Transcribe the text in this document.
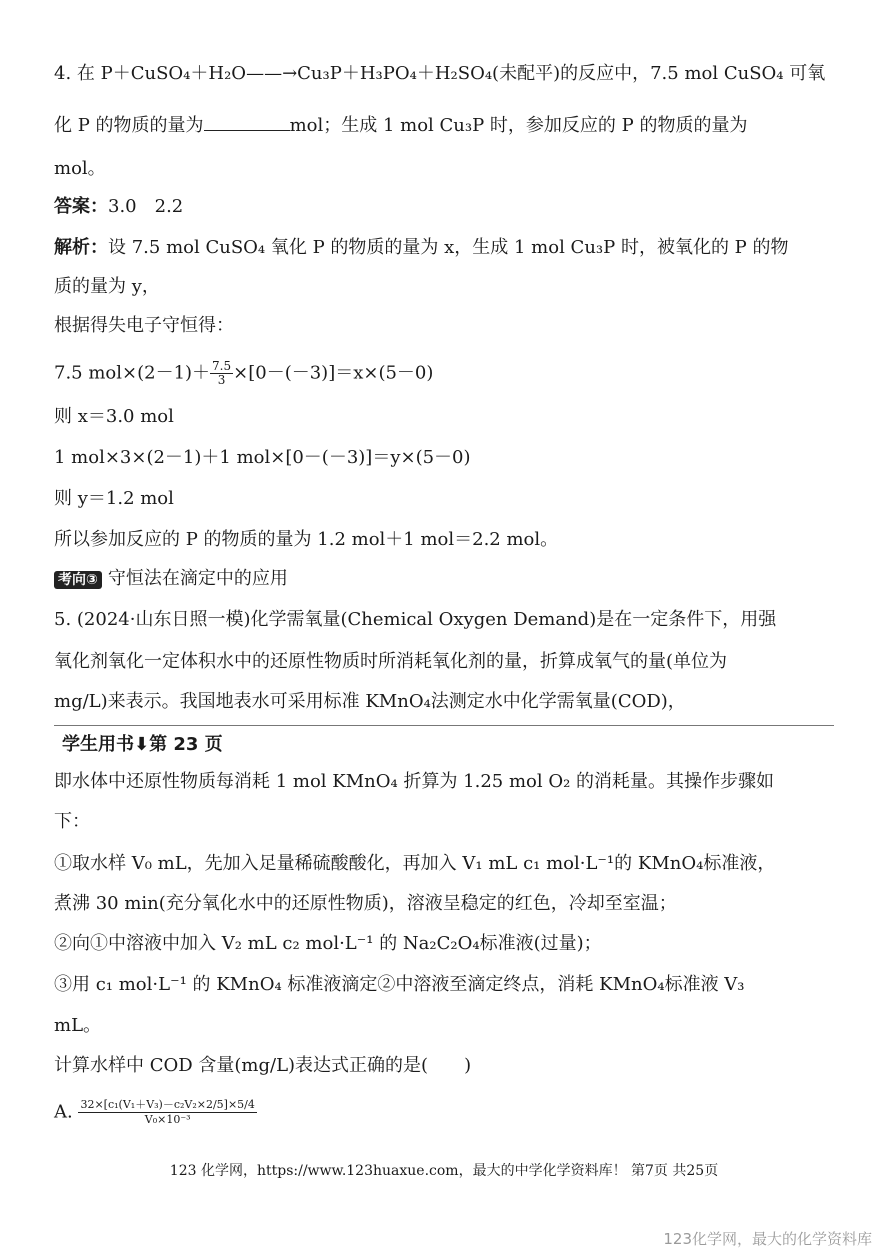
4. 在 P＋CuSO₄＋H₂O——→Cu₃P＋H₃PO₄＋H₂SO₄(未配平)的反应中，7.5 mol CuSO₄ 可氧
化 P 的物质的量为	mol；生成 1 mol Cu₃P 时，参加反应的 P 的物质的量为
mol。
答案：3.0　2.2
解析：设 7.5 mol CuSO₄ 氧化 P 的物质的量为 x，生成 1 mol Cu₃P 时，被氧化的 P 的物
质的量为 y，
根据得失电子守恒得：
7.5 $mol\times(2-1)+ \frac{7.5}{3} \times[0-(-3)]=x\times(5-0)$
则 x＝3.0 mol
1 mol×3×(2－1)＋1 mol×[0－(－3)]＝y×(5－0)
则 y＝1.2 mol
所以参加反应的 P 的物质的量为 1.2 mol＋1 mol＝2.2 mol。
考向③ 守恒法在滴定中的应用
5. (2024·山东日照一模)化学需氧量(Chemical Oxygen Demand)是在一定条件下，用强
氧化剂氧化一定体积水中的还原性物质时所消耗氧化剂的量，折算成氧气的量(单位为
mg/L)来表示。我国地表水可采用标准 KMnO₄法测定水中化学需氧量(COD)，
学生用书⬇第 23 页
即水体中还原性物质每消耗 1 mol KMnO₄ 折算为 1.25 mol O₂ 的消耗量。其操作步骤如
下：
①取水样 V₀ mL，先加入足量稀硫酸酸化，再加入 V₁ mL c₁ mol·L⁻¹的 KMnO₄标准液，
煮沸 30 min(充分氧化水中的还原性物质)，溶液呈稳定的红色，冷却至室温；
②向①中溶液中加入 V₂ mL c₂ mol·L⁻¹ 的 Na₂C₂O₄标准液(过量)；
③用 c₁ mol·L⁻¹ 的 KMnO₄ 标准液滴定②中溶液至滴定终点，消耗 KMnO₄标准液 V₃
mL。
计算水样中 COD 含量(mg/L)表达式正确的是(　　)
A. $\frac{\text{32×[c₁(V₁＋V₃)－c₂V₂×2/5]×5/4}}{\text{V₀×10⁻³}}$
123 化学网，https://www.123huaxue.com，最大的中学化学资料库！ 第7页 共25页
123化学网，最大的化学资料库
